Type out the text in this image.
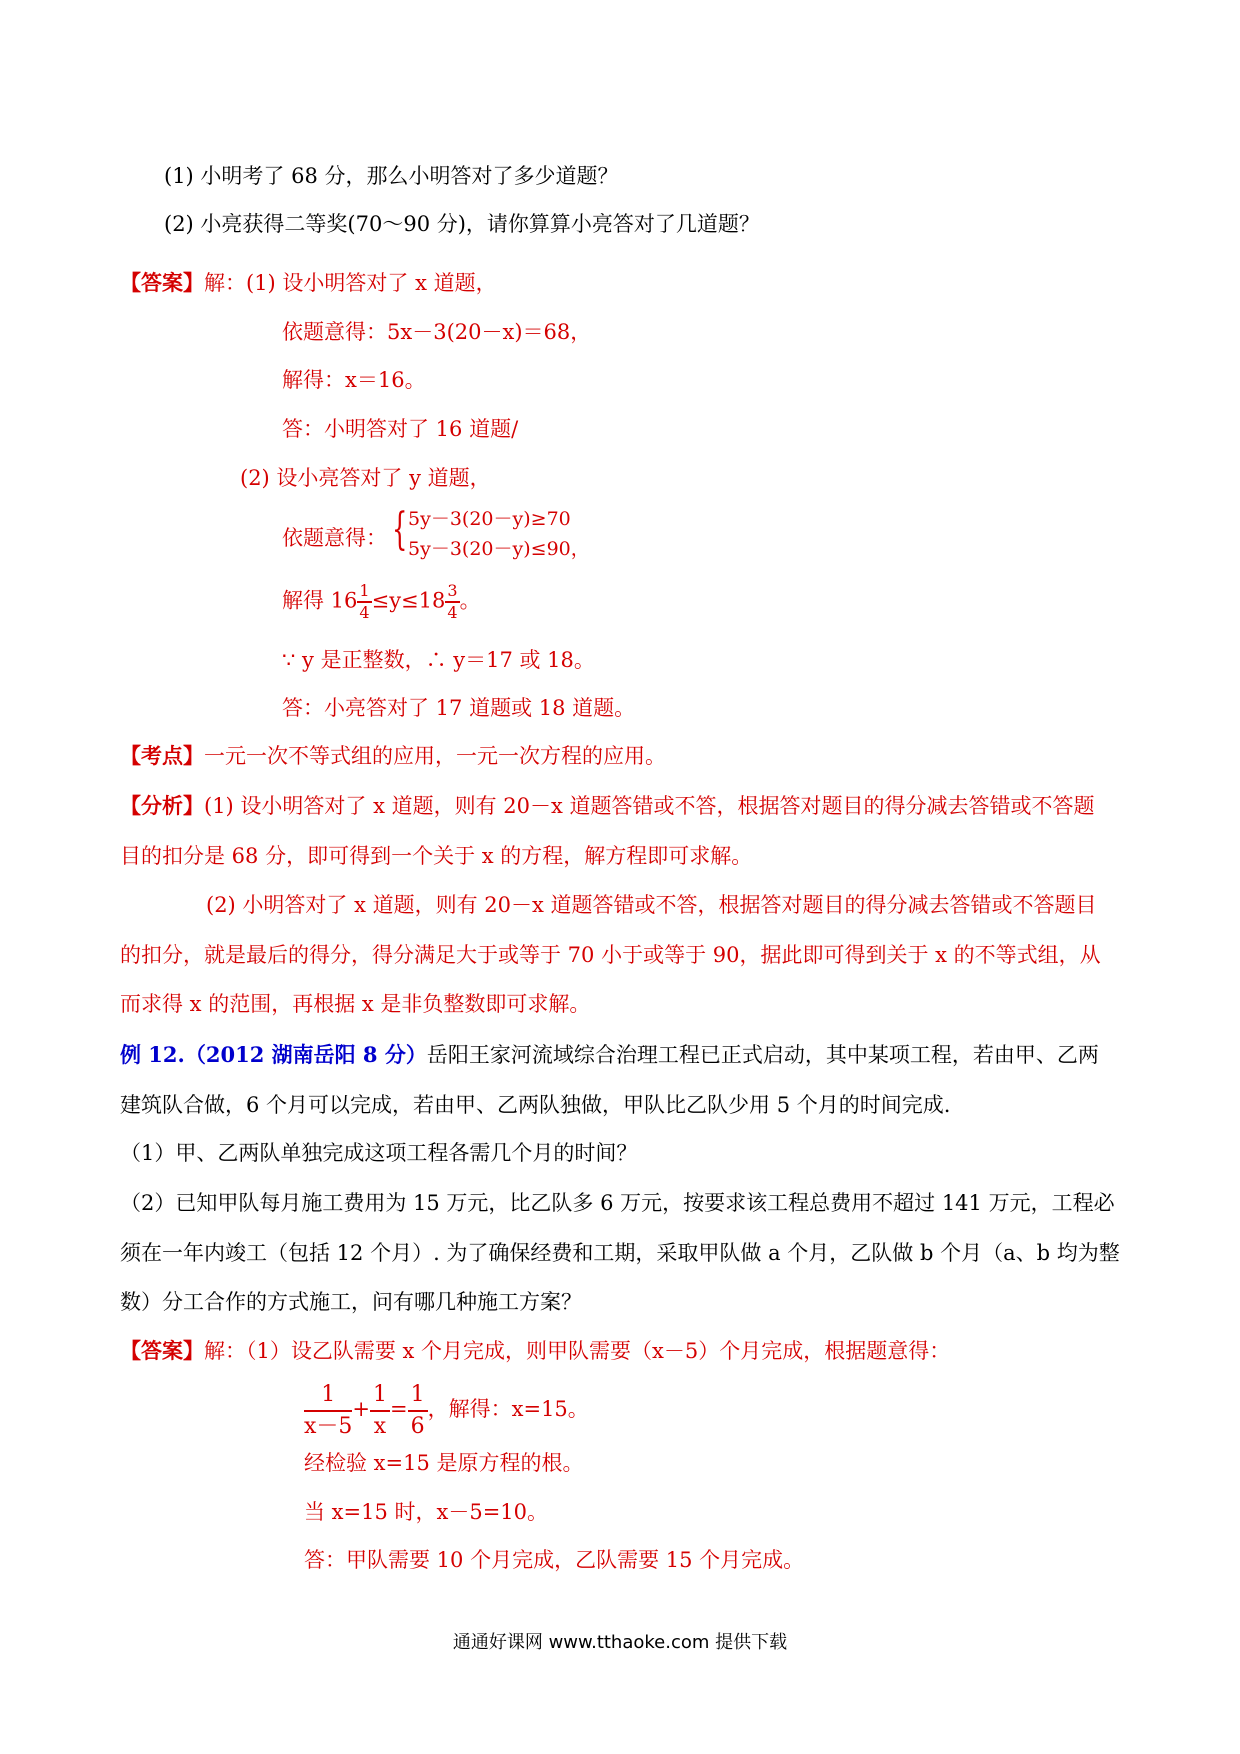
(1) 小明考了 68 分，那么小明答对了多少道题？
(2) 小亮获得二等奖(70～90 分)，请你算算小亮答对了几道题？
【答案】解：(1) 设小明答对了 x 道题，
依题意得：5x－3(20－x)＝68，
解得：x＝16。
答：小明答对了 16 道题/
(2) 设小亮答对了 y 道题，
依题意得： { 5y－3(20－y)≥70
5y－3(20－y)≤90，
解得 $16 \frac{1}{4} \le y\le 18 \frac{3}{4}$ 。
∵ y 是正整数，∴ y＝17 或 18。
答：小亮答对了 17 道题或 18 道题。
【考点】一元一次不等式组的应用，一元一次方程的应用。
【分析】(1) 设小明答对了 x 道题，则有 20－x 道题答错或不答，根据答对题目的得分减去答错或不答题
目的扣分是 68 分，即可得到一个关于 x 的方程，解方程即可求解。
(2) 小明答对了 x 道题，则有 20－x 道题答错或不答，根据答对题目的得分减去答错或不答题目
的扣分，就是最后的得分，得分满足大于或等于 70 小于或等于 90，据此即可得到关于 x 的不等式组，从
而求得 x 的范围，再根据 x 是非负整数即可求解。
例 12.（2012 湖南岳阳 8 分）岳阳王家河流域综合治理工程已正式启动，其中某项工程，若由甲、乙两
建筑队合做，6 个月可以完成，若由甲、乙两队独做，甲队比乙队少用 5 个月的时间完成.
（1）甲、乙两队单独完成这项工程各需几个月的时间？
（2）已知甲队每月施工费用为 15 万元，比乙队多 6 万元，按要求该工程总费用不超过 141 万元，工程必
须在一年内竣工（包括 12 个月）. 为了确保经费和工期，采取甲队做 a 个月，乙队做 b 个月（a、b 均为整
数）分工合作的方式施工，问有哪几种施工方案？
【答案】解：（1）设乙队需要 x 个月完成，则甲队需要（x－5）个月完成，根据题意得：
$\frac{1}{x-5} + \frac{1}{x} = \frac{1}{6}$ ，解得：x=15。
经检验 x=15 是原方程的根。
当 x=15 时，x－5=10。
答：甲队需要 10 个月完成，乙队需要 15 个月完成。
通通好课网 www.tthaoke.com 提供下载
